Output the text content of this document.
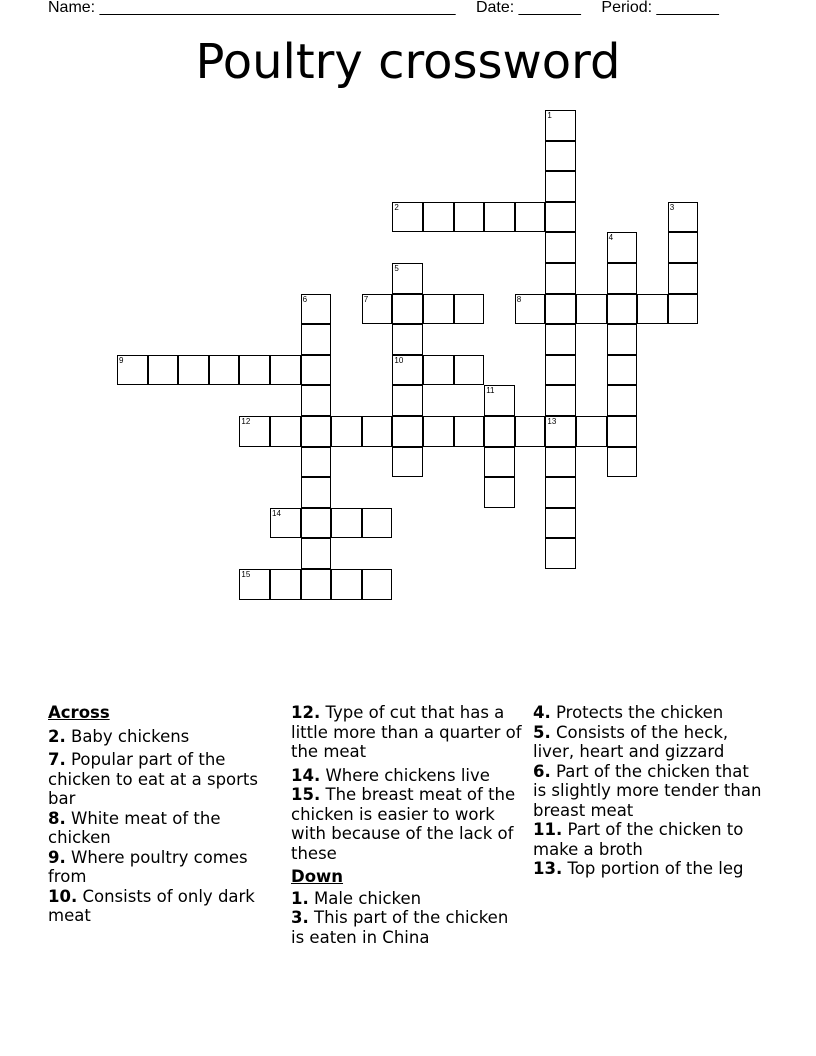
Name: ________________________________________ Date: _______ Period: _______
Poultry crossword
1
13
2	3
4
5
10
6	7	8
9
11
12
14
15
Across
2. Baby chickens
7. Popular part of the chicken to eat at a sports bar
8. White meat of the chicken
9. Where poultry comes from
10. Consists of only dark meat
12. Type of cut that has a little more than a quarter of the meat
14. Where chickens live
15. The breast meat of the chicken is easier to work with because of the lack of these
Down
1. Male chicken
3. This part of the chicken is eaten in China
4. Protects the chicken
5. Consists of the heck, liver, heart and gizzard
6. Part of the chicken that is slightly more tender than breast meat
11. Part of the chicken to make a broth
13. Top portion of the leg
